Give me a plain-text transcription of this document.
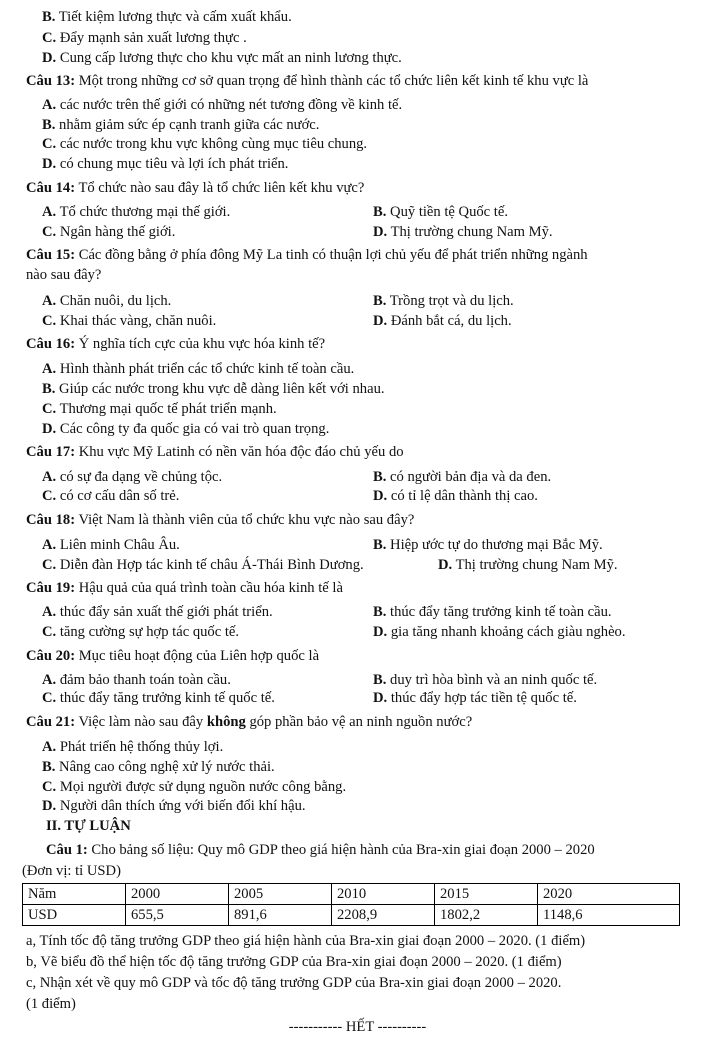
B. Tiết kiệm lương thực và cấm xuất khẩu.
C. Đẩy mạnh sản xuất lương thực .
D. Cung cấp lương thực cho khu vực mất an ninh lương thực.
Câu 13: Một trong những cơ sở quan trọng để hình thành các tổ chức liên kết kinh tế khu vực là
A. các nước trên thế giới có những nét tương đồng về kinh tế.
B. nhằm giảm sức ép cạnh tranh giữa các nước.
C. các nước trong khu vực không cùng mục tiêu chung.
D. có chung mục tiêu và lợi ích phát triển.
Câu 14: Tổ chức nào sau đây là tổ chức liên kết khu vực?
A. Tổ chức thương mại thế giới.	B. Quỹ tiền tệ Quốc tế.
C. Ngân hàng thế giới.	D. Thị trường chung Nam Mỹ.
Câu 15: Các đồng bằng ở phía đông Mỹ La tinh có thuận lợi chủ yếu để phát triển những ngành
nào sau đây?
A. Chăn nuôi, du lịch.	B. Trồng trọt và du lịch.
C. Khai thác vàng, chăn nuôi.	D. Đánh bắt cá, du lịch.
Câu 16: Ý nghĩa tích cực của khu vực hóa kinh tế?
A. Hình thành phát triển các tổ chức kinh tế toàn cầu.
B. Giúp các nước trong khu vực dễ dàng liên kết với nhau.
C. Thương mại quốc tế phát triển mạnh.
D. Các công ty đa quốc gia có vai trò quan trọng.
Câu 17: Khu vực Mỹ Latinh có nền văn hóa độc đáo chủ yếu do
A. có sự đa dạng về chủng tộc.	B. có người bản địa và da đen.
C. có cơ cấu dân số trẻ.	D. có tỉ lệ dân thành thị cao.
Câu 18: Việt Nam là thành viên của tổ chức khu vực nào sau đây?
A. Liên minh Châu Âu.	B. Hiệp ước tự do thương mại Bắc Mỹ.
C. Diễn đàn Hợp tác kinh tế châu Á-Thái Bình Dương.	D. Thị trường chung Nam Mỹ.
Câu 19: Hậu quả của quá trình toàn cầu hóa kinh tế là
A. thúc đẩy sản xuất thế giới phát triển.	B. thúc đẩy tăng trưởng kinh tế toàn cầu.
C. tăng cường sự hợp tác quốc tế.	D. gia tăng nhanh khoảng cách giàu nghèo.
Câu 20: Mục tiêu hoạt động của Liên hợp quốc là
A. đảm bảo thanh toán toàn cầu.	B. duy trì hòa bình và an ninh quốc tế.
C. thúc đẩy tăng trưởng kinh tế quốc tế.	D. thúc đẩy hợp tác tiền tệ quốc tế.
Câu 21: Việc làm nào sau đây không góp phần bảo vệ an ninh nguồn nước?
A. Phát triển hệ thống thủy lợi.
B. Nâng cao công nghệ xử lý nước thải.
C. Mọi người được sử dụng nguồn nước công bằng.
D. Người dân thích ứng với biến đổi khí hậu.
II. TỰ LUẬN
Câu 1: Cho bảng số liệu: Quy mô GDP theo giá hiện hành của Bra-xin giai đoạn 2000 – 2020
(Đơn vị: tỉ USD)
Năm	2000	2005	2010	2015	2020
USD	655,5	891,6	2208,9	1802,2	1148,6
a, Tính tốc độ tăng trưởng GDP theo giá hiện hành của Bra-xin giai đoạn 2000 – 2020. (1 điểm)
b, Vẽ biểu đồ thể hiện tốc độ tăng trưởng GDP của Bra-xin giai đoạn 2000 – 2020. (1 điểm)
c, Nhận xét về quy mô GDP và tốc độ tăng trưởng GDP của Bra-xin giai đoạn 2000 – 2020.
(1 điểm)
----------- HẾT ----------
